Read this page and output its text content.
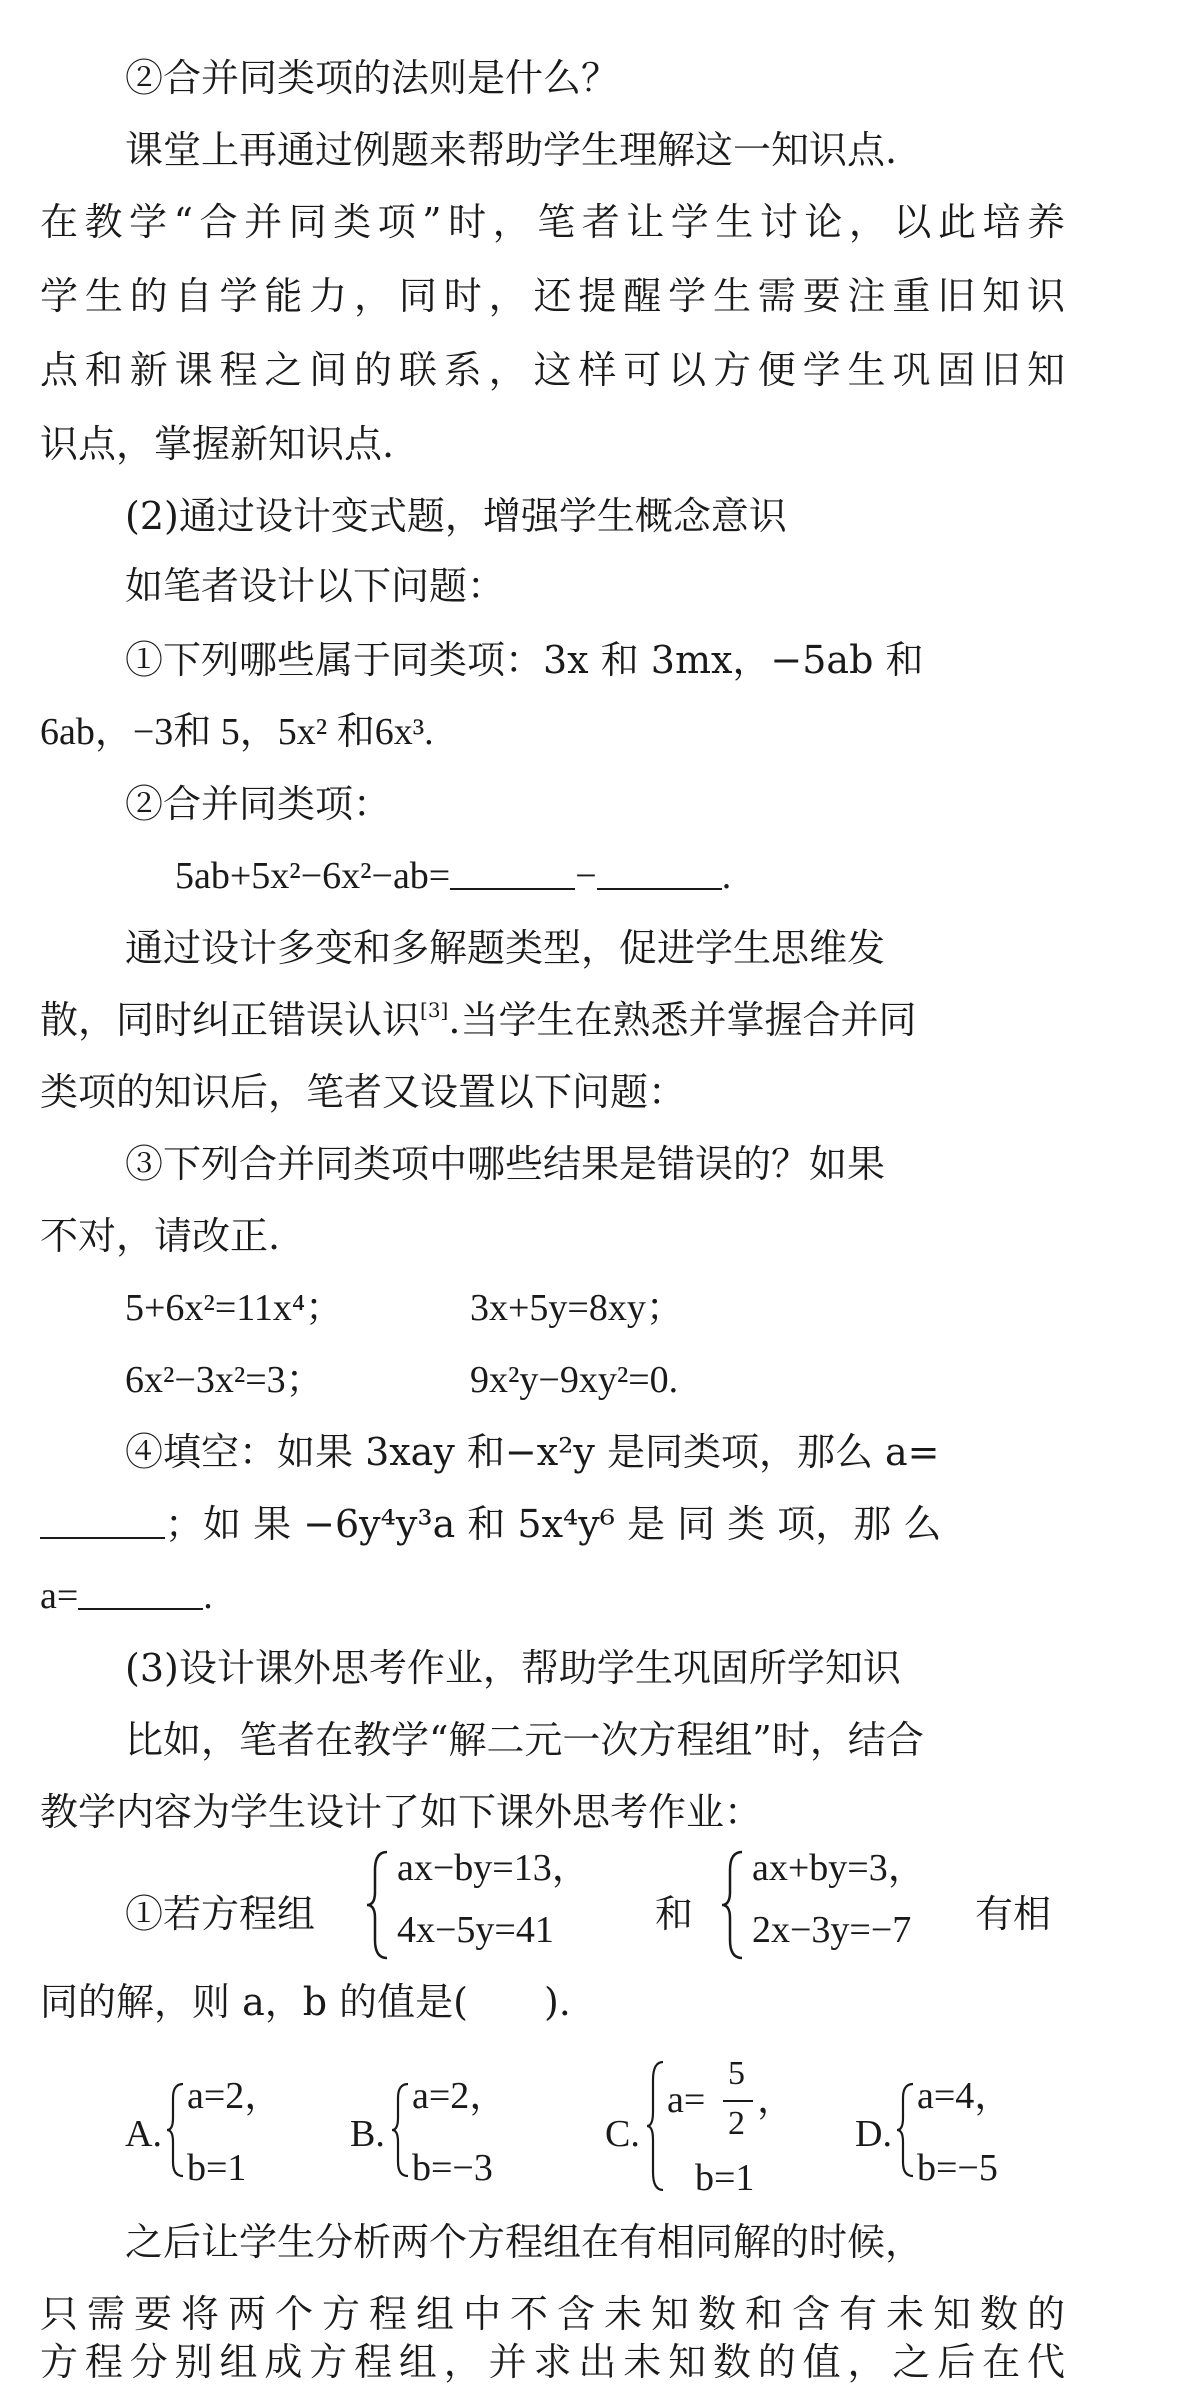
②合并同类项的法则是什么？
课堂上再通过例题来帮助学生理解这一知识点.
在教学“合并同类项”时，笔者让学生讨论，以此培养
学生的自学能力，同时，还提醒学生需要注重旧知识
点和新课程之间的联系，这样可以方便学生巩固旧知
识点，掌握新知识点.
(2)通过设计变式题，增强学生概念意识
如笔者设计以下问题：
①下列哪些属于同类项：3x 和 3mx，−5ab 和
6ab，−3和 5，5x² 和6x³.
②合并同类项：
5ab+5x²−6x²−ab=	−	.
通过设计多变和多解题类型，促进学生思维发
散，同时纠正错误认识[3].当学生在熟悉并掌握合并同
类项的知识后，笔者又设置以下问题：
③下列合并同类项中哪些结果是错误的？如果
不对，请改正.
5+6x²=11x⁴；	3x+5y=8xy；
6x²−3x²=3；	9x²y−9xy²=0.
④填空：如果 3xay 和−x²y 是同类项，那么 a=
；如 果 −6y⁴y³a 和 5x⁴y⁶ 是 同 类 项，那 么
a=	.
(3)设计课外思考作业，帮助学生巩固所学知识
比如，笔者在教学“解二元一次方程组”时，结合
教学内容为学生设计了如下课外思考作业：
①若方程组
ax−by=13，
4x−5y=41	和
ax+by=3，
2x−3y=−7 有相
同的解，则 a，b 的值是(　　).
A.
a=2，
b=1
B.
a=2，
b=−3
C.
a=
5
2
，
b=1
D.
a=4，
b=−5
之后让学生分析两个方程组在有相同解的时候，
只需要将两个方程组中不含未知数和含有未知数的
方程分别组成方程组，并求出未知数的值，之后在代
